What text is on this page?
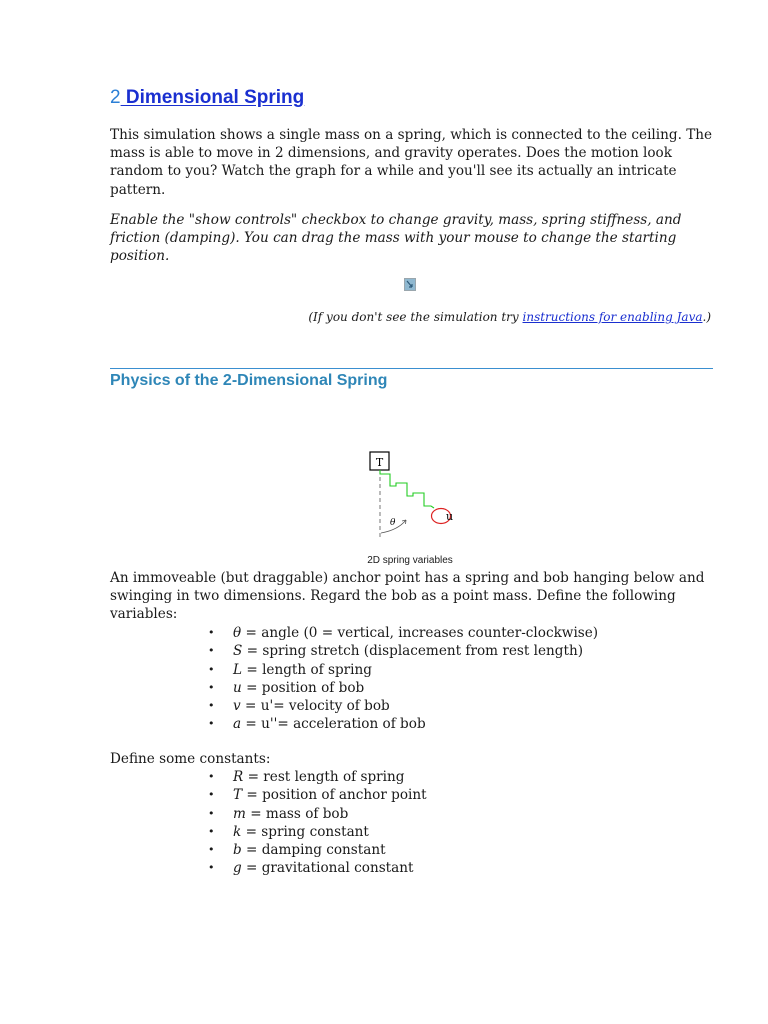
2 Dimensional Spring

This simulation shows a single mass on a spring, which is connected to the ceiling. The mass is able to move in 2 dimensions, and gravity operates. Does the motion look random to you? Watch the graph for a while and you'll see its actually an intricate pattern.

Enable the "show controls" checkbox to change gravity, mass, spring stiffness, and friction (damping). You can drag the mass with your mouse to change the starting position.

(If you don't see the simulation try instructions for enabling Java.)

Physics of the 2-Dimensional Spring
T
u
θ

2D spring variables

An immoveable (but draggable) anchor point has a spring and bob hanging below and swinging in two dimensions. Regard the bob as a point mass. Define the following variables:

• θ = angle (0 = vertical, increases counter-clockwise)
• S = spring stretch (displacement from rest length)
• L = length of spring
• u = position of bob
• v = u'= velocity of bob
• a = u''= acceleration of bob

Define some constants:

• R = rest length of spring
• T = position of anchor point
• m = mass of bob
• k = spring constant
• b = damping constant
• g = gravitational constant
